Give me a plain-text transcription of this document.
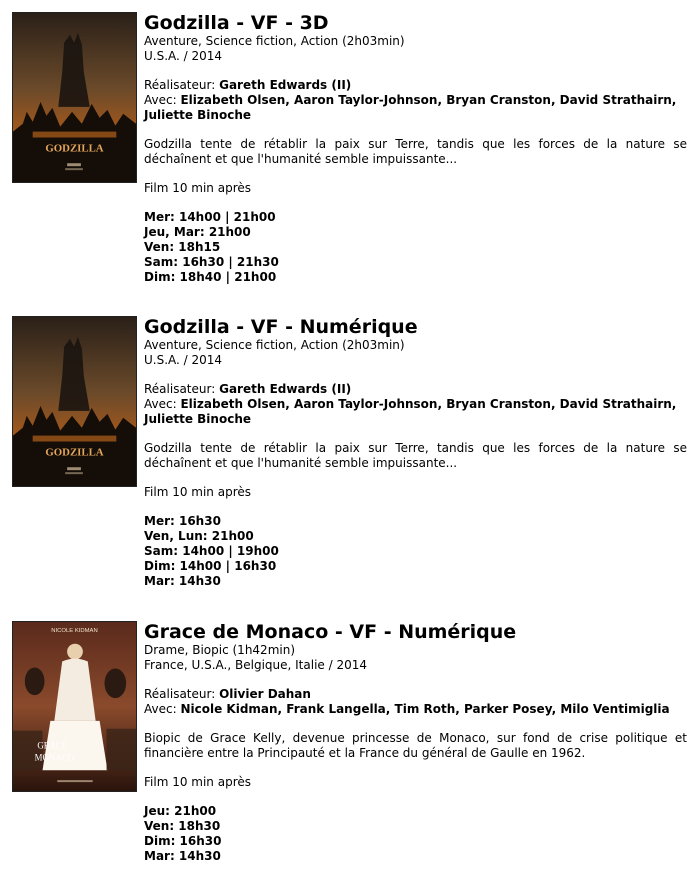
GODZILLA
Godzilla - VF - 3D

Aventure, Science fiction, Action (2h03min)

U.S.A. / 2014

Réalisateur: Gareth Edwards (II)

Avec: Elizabeth Olsen, Aaron Taylor-Johnson, Bryan Cranston, David Strathairn,

Juliette Binoche

Godzilla tente de rétablir la paix sur Terre, tandis que les forces de la nature se déchaînent et que l'humanité semble impuissante...

Film 10 min après

Mer: 14h00 | 21h00

Jeu, Mar: 21h00

Ven: 18h15

Sam: 16h30 | 21h30

Dim: 18h40 | 21h00

GODZILLA
Godzilla - VF - Numérique

Aventure, Science fiction, Action (2h03min)

U.S.A. / 2014

Réalisateur: Gareth Edwards (II)

Avec: Elizabeth Olsen, Aaron Taylor-Johnson, Bryan Cranston, David Strathairn,

Juliette Binoche

Godzilla tente de rétablir la paix sur Terre, tandis que les forces de la nature se déchaînent et que l'humanité semble impuissante...

Film 10 min après

Mer: 16h30

Ven, Lun: 21h00

Sam: 14h00 | 19h00

Dim: 14h00 | 16h30

Mar: 14h30

NICOLE KIDMAN
GRACE
MONACO
Grace de Monaco - VF - Numérique

Drame, Biopic (1h42min)

France, U.S.A., Belgique, Italie / 2014

Réalisateur: Olivier Dahan

Avec: Nicole Kidman, Frank Langella, Tim Roth, Parker Posey, Milo Ventimiglia

Biopic de Grace Kelly, devenue princesse de Monaco, sur fond de crise politique et financière entre la Principauté et la France du général de Gaulle en 1962.

Film 10 min après

Jeu: 21h00

Ven: 18h30

Dim: 16h30

Mar: 14h30
